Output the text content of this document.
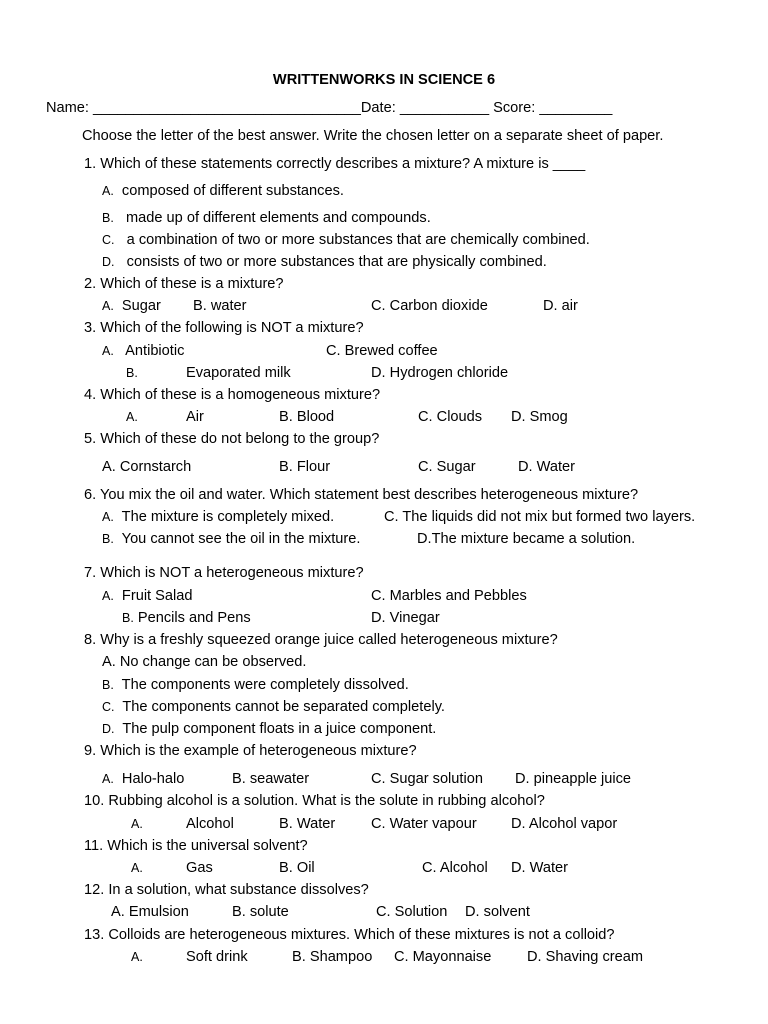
WRITTENWORKS IN SCIENCE 6
Name: _________________________________Date: ___________ Score: _________
Choose the letter of the best answer. Write the chosen letter on a separate sheet of paper.
1. Which of these statements correctly describes a mixture? A mixture is ____
A. composed of different substances.
B. made up of different elements and compounds.
C. a combination of two or more substances that are chemically combined.
D. consists of two or more substances that are physically combined.
2. Which of these is a mixture?
A. Sugar B. water	C. Carbon dioxide	D. air
3. Which of the following is NOT a mixture?
A. Antibiotic	C. Brewed coffee
B.	Evaporated milk	D. Hydrogen chloride
4. Which of these is a homogeneous mixture?
A.	Air	B. Blood	C. Clouds D. Smog
5. Which of these do not belong to the group?
A. Cornstarch	B. Flour	C. Sugar	D. Water
6. You mix the oil and water. Which statement best describes heterogeneous mixture?
A. The mixture is completely mixed.	C. The liquids did not mix but formed two layers.
B. You cannot see the oil in the mixture.	D.The mixture became a solution.
7. Which is NOT a heterogeneous mixture?
A. Fruit Salad	C. Marbles and Pebbles
B. Pencils and Pens	D. Vinegar
8. Why is a freshly squeezed orange juice called heterogeneous mixture?
A. No change can be observed.
B. The components were completely dissolved.
C. The components cannot be separated completely.
D. The pulp component floats in a juice component.
9. Which is the example of heterogeneous mixture?
A. Halo-halo	B. seawater	C. Sugar solution D. pineapple juice
10. Rubbing alcohol is a solution. What is the solute in rubbing alcohol?
A.	Alcohol	B. Water C. Water vapour D. Alcohol vapor
11. Which is the universal solvent?
A.	Gas	B. Oil	C. Alcohol D. Water
12. In a solution, what substance dissolves?
A. Emulsion	B. solute	C. Solution D. solvent
13. Colloids are heterogeneous mixtures. Which of these mixtures is not a colloid?
A.	Soft drink	B. Shampoo C. Mayonnaise D. Shaving cream
